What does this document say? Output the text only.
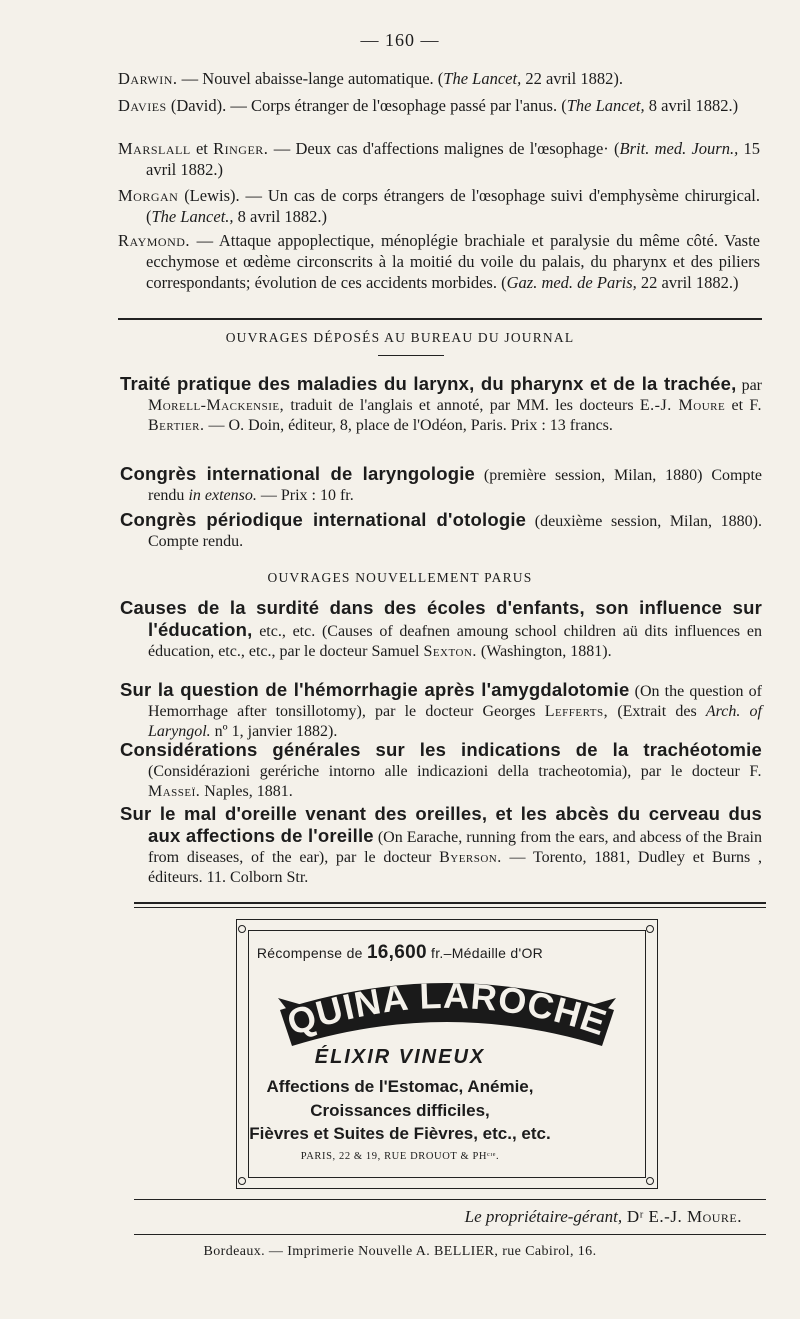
— 160 —
Darwin. — Nouvel abaisse-lange automatique. (The Lancet, 22 avril 1882).
Davies (David). — Corps étranger de l'œsophage passé par l'anus. (The Lancet, 8 avril 1882.)
Marslall et Ringer. — Deux cas d'affections malignes de l'œsophage· (Brit. med. Journ., 15 avril 1882.)
Morgan (Lewis). — Un cas de corps étrangers de l'œsophage suivi d'emphysème chirurgical. (The Lancet., 8 avril 1882.)
Raymond. — Attaque appoplectique, ménoplégie brachiale et paralysie du même côté. Vaste ecchymose et œdème circonscrits à la moitié du voile du palais, du pharynx et des piliers correspondants; évolution de ces accidents morbides. (Gaz. med. de Paris, 22 avril 1882.)
OUVRAGES DÉPOSÉS AU BUREAU DU JOURNAL
Traité pratique des maladies du larynx, du pharynx et de la trachée, par Morell-Mackensie, traduit de l'anglais et annoté, par MM. les docteurs E.-J. Moure et F. Bertier. — O. Doin, éditeur, 8, place de l'Odéon, Paris. Prix : 13 francs.
Congrès international de laryngologie (première session, Milan, 1880) Compte rendu in extenso. — Prix : 10 fr.
Congrès périodique international d'otologie (deuxième session, Milan, 1880). Compte rendu.
OUVRAGES NOUVELLEMENT PARUS
Causes de la surdité dans des écoles d'enfants, son influence sur l'éducation, etc., etc. (Causes of deafnen amoung school children aü dits influences en éducation, etc., etc., par le docteur Samuel Sexton. (Washington, 1881).
Sur la question de l'hémorrhagie après l'amygdalotomie (On the question of Hemorrhage after tonsillotomy), par le docteur Georges Lefferts, (Extrait des Arch. of Laryngol. nº 1, janvier 1882).
Considérations générales sur les indications de la trachéotomie (Considérazioni gerériche intorno alle indicazioni della tracheotomia), par le docteur F. Masseï. Naples, 1881.
Sur le mal d'oreille venant des oreilles, et les abcès du cerveau dus aux affections de l'oreille (On Earache, running from the ears, and abcess of the Brain from diseases, of the ear), par le docteur Byerson. — Torento, 1881, Dudley et Burns , éditeurs. 11. Colborn Str.
Récompense de 16,600 fr.–Médaille d'OR
QUINA LAROCHE
ÉLIXIR VINEUX
Affections de l'Estomac, Anémie,
Croissances difficiles,
Fièvres et Suites de Fièvres, etc., etc.
PARIS, 22 & 19, RUE DROUOT & PHᶜᶦᵉ.
Le propriétaire-gérant, Dʳ E.-J. Moure.
Bordeaux. — Imprimerie Nouvelle A. BELLIER, rue Cabirol, 16.
